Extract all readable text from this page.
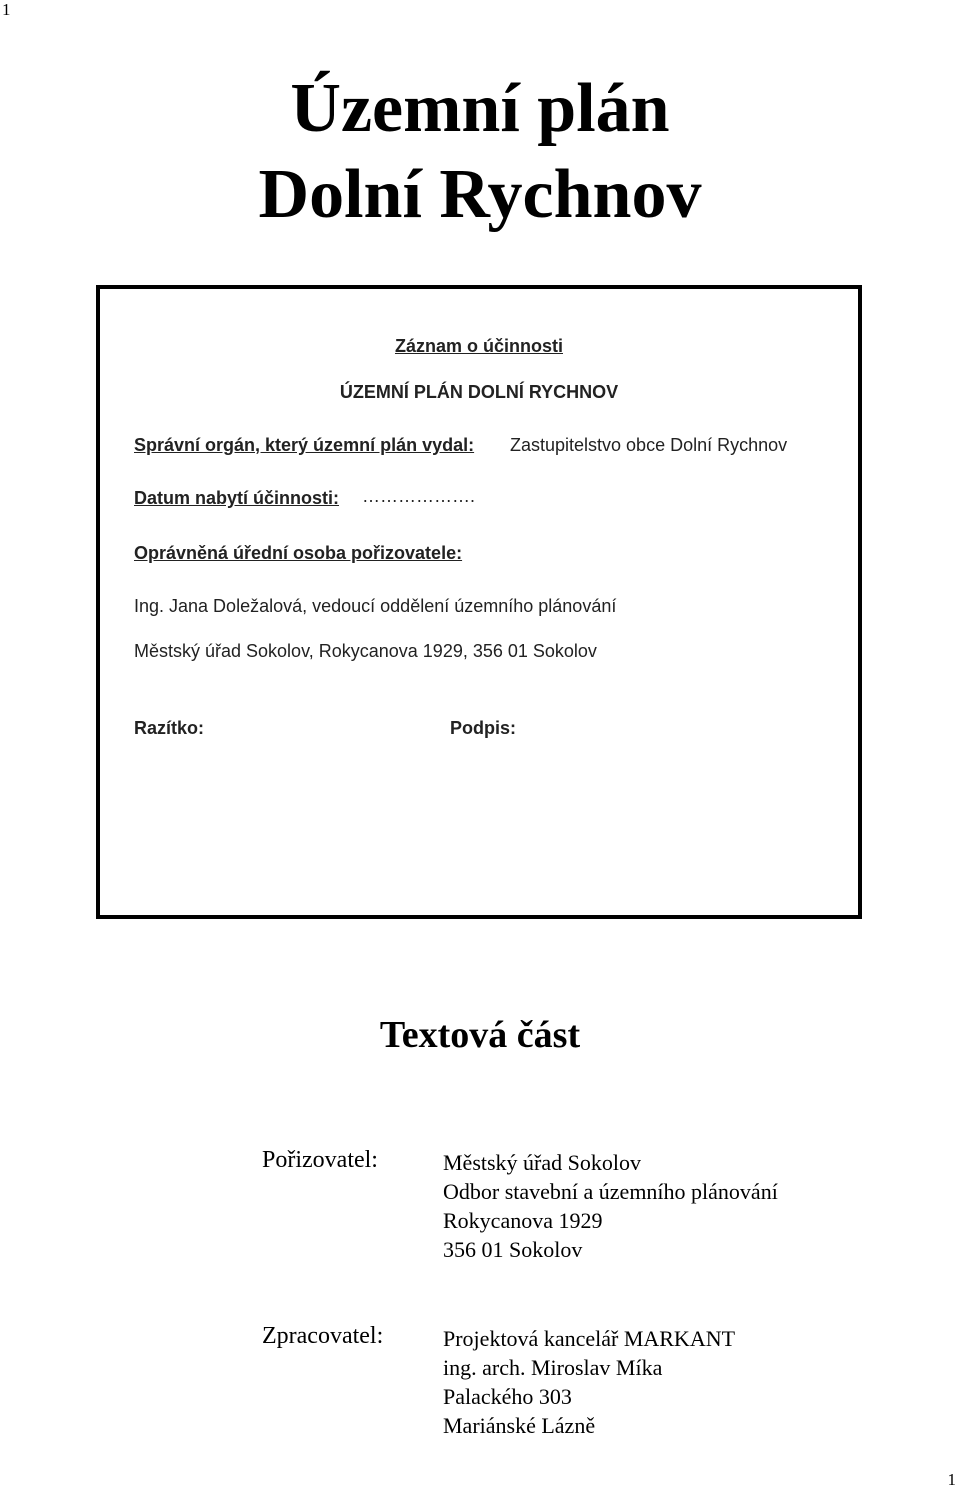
1
Územní plán
Dolní Rychnov
Záznam o účinnosti
ÚZEMNÍ PLÁN DOLNÍ RYCHNOV
Správní orgán, který územní plán vydal: Zastupitelstvo obce Dolní Rychnov
Datum nabytí účinnosti: ……………….
Oprávněná úřední osoba pořizovatele:
Ing. Jana Doležalová, vedoucí oddělení územního plánování
Městský úřad Sokolov, Rokycanova 1929, 356 01 Sokolov
Razítko:	Podpis:
Textová část
Pořizovatel:	Městský úřad Sokolov
Odbor stavební a územního plánování
Rokycanova 1929
356 01 Sokolov
Zpracovatel:	Projektová kancelář MARKANT
ing. arch. Miroslav Míka
Palackého 303
Mariánské Lázně
1
